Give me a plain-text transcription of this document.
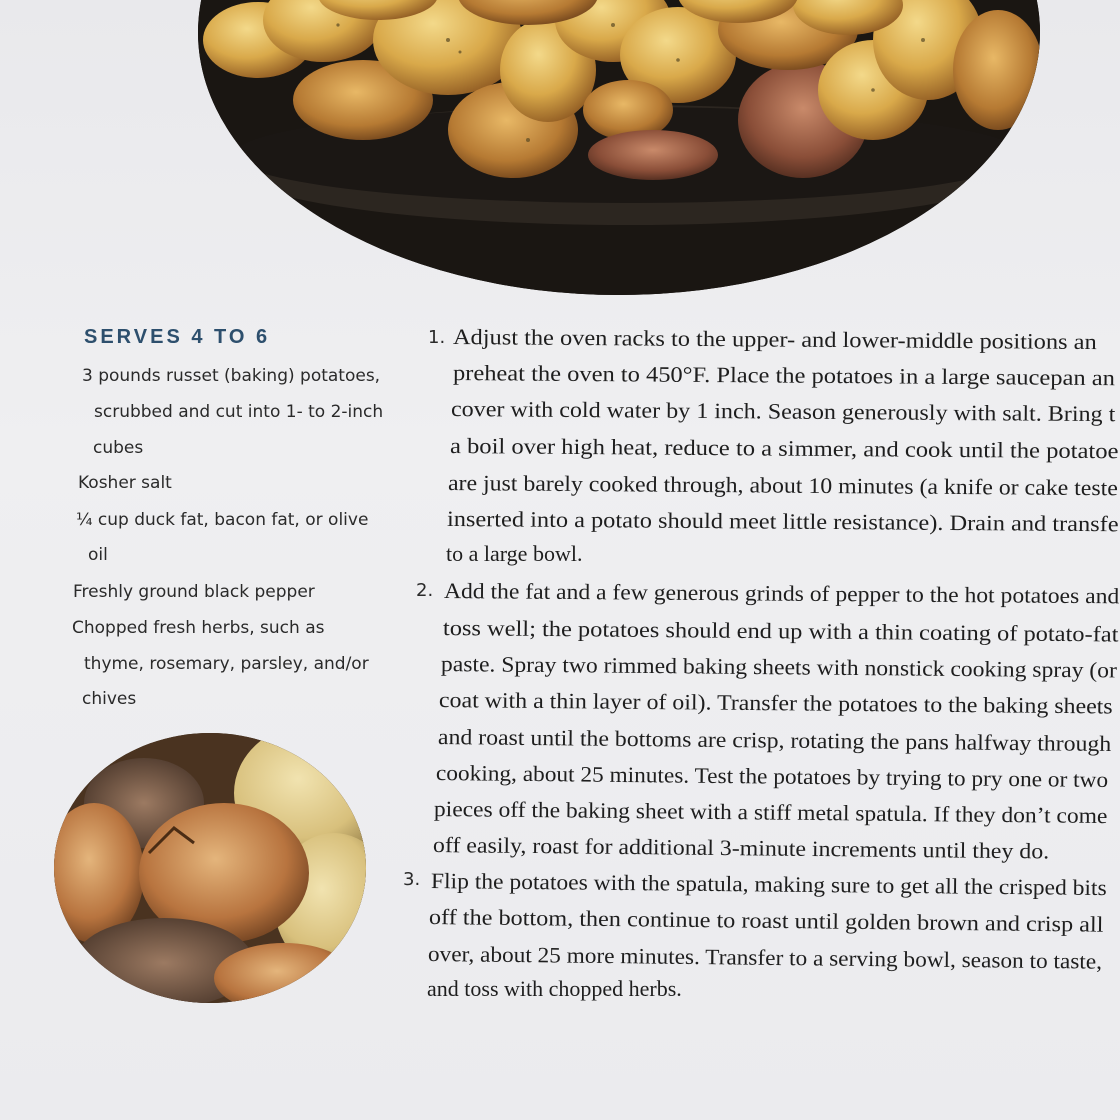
SERVES 4 TO 6
3 pounds russet (baking) potatoes,
scrubbed and cut into 1- to 2-inch
cubes
Kosher salt
¼ cup duck fat, bacon fat, or olive
oil
Freshly ground black pepper
Chopped fresh herbs, such as
thyme, rosemary, parsley, and/or
chives
1.
2.
3.
Adjust the oven racks to the upper- and lower-middle positions an
preheat the oven to 450°F. Place the potatoes in a large saucepan an
cover with cold water by 1 inch. Season generously with salt. Bring t
a boil over high heat, reduce to a simmer, and cook until the potatoe
are just barely cooked through, about 10 minutes (a knife or cake teste
inserted into a potato should meet little resistance). Drain and transfe
to a large bowl.
Add the fat and a few generous grinds of pepper to the hot potatoes and
toss well; the potatoes should end up with a thin coating of potato-fat
paste. Spray two rimmed baking sheets with nonstick cooking spray (or
coat with a thin layer of oil). Transfer the potatoes to the baking sheets
and roast until the bottoms are crisp, rotating the pans halfway through
cooking, about 25 minutes. Test the potatoes by trying to pry one or two
pieces off the baking sheet with a stiff metal spatula. If they don’t come
off easily, roast for additional 3-minute increments until they do.
Flip the potatoes with the spatula, making sure to get all the crisped bits
off the bottom, then continue to roast until golden brown and crisp all
over, about 25 more minutes. Transfer to a serving bowl, season to taste,
and toss with chopped herbs.
